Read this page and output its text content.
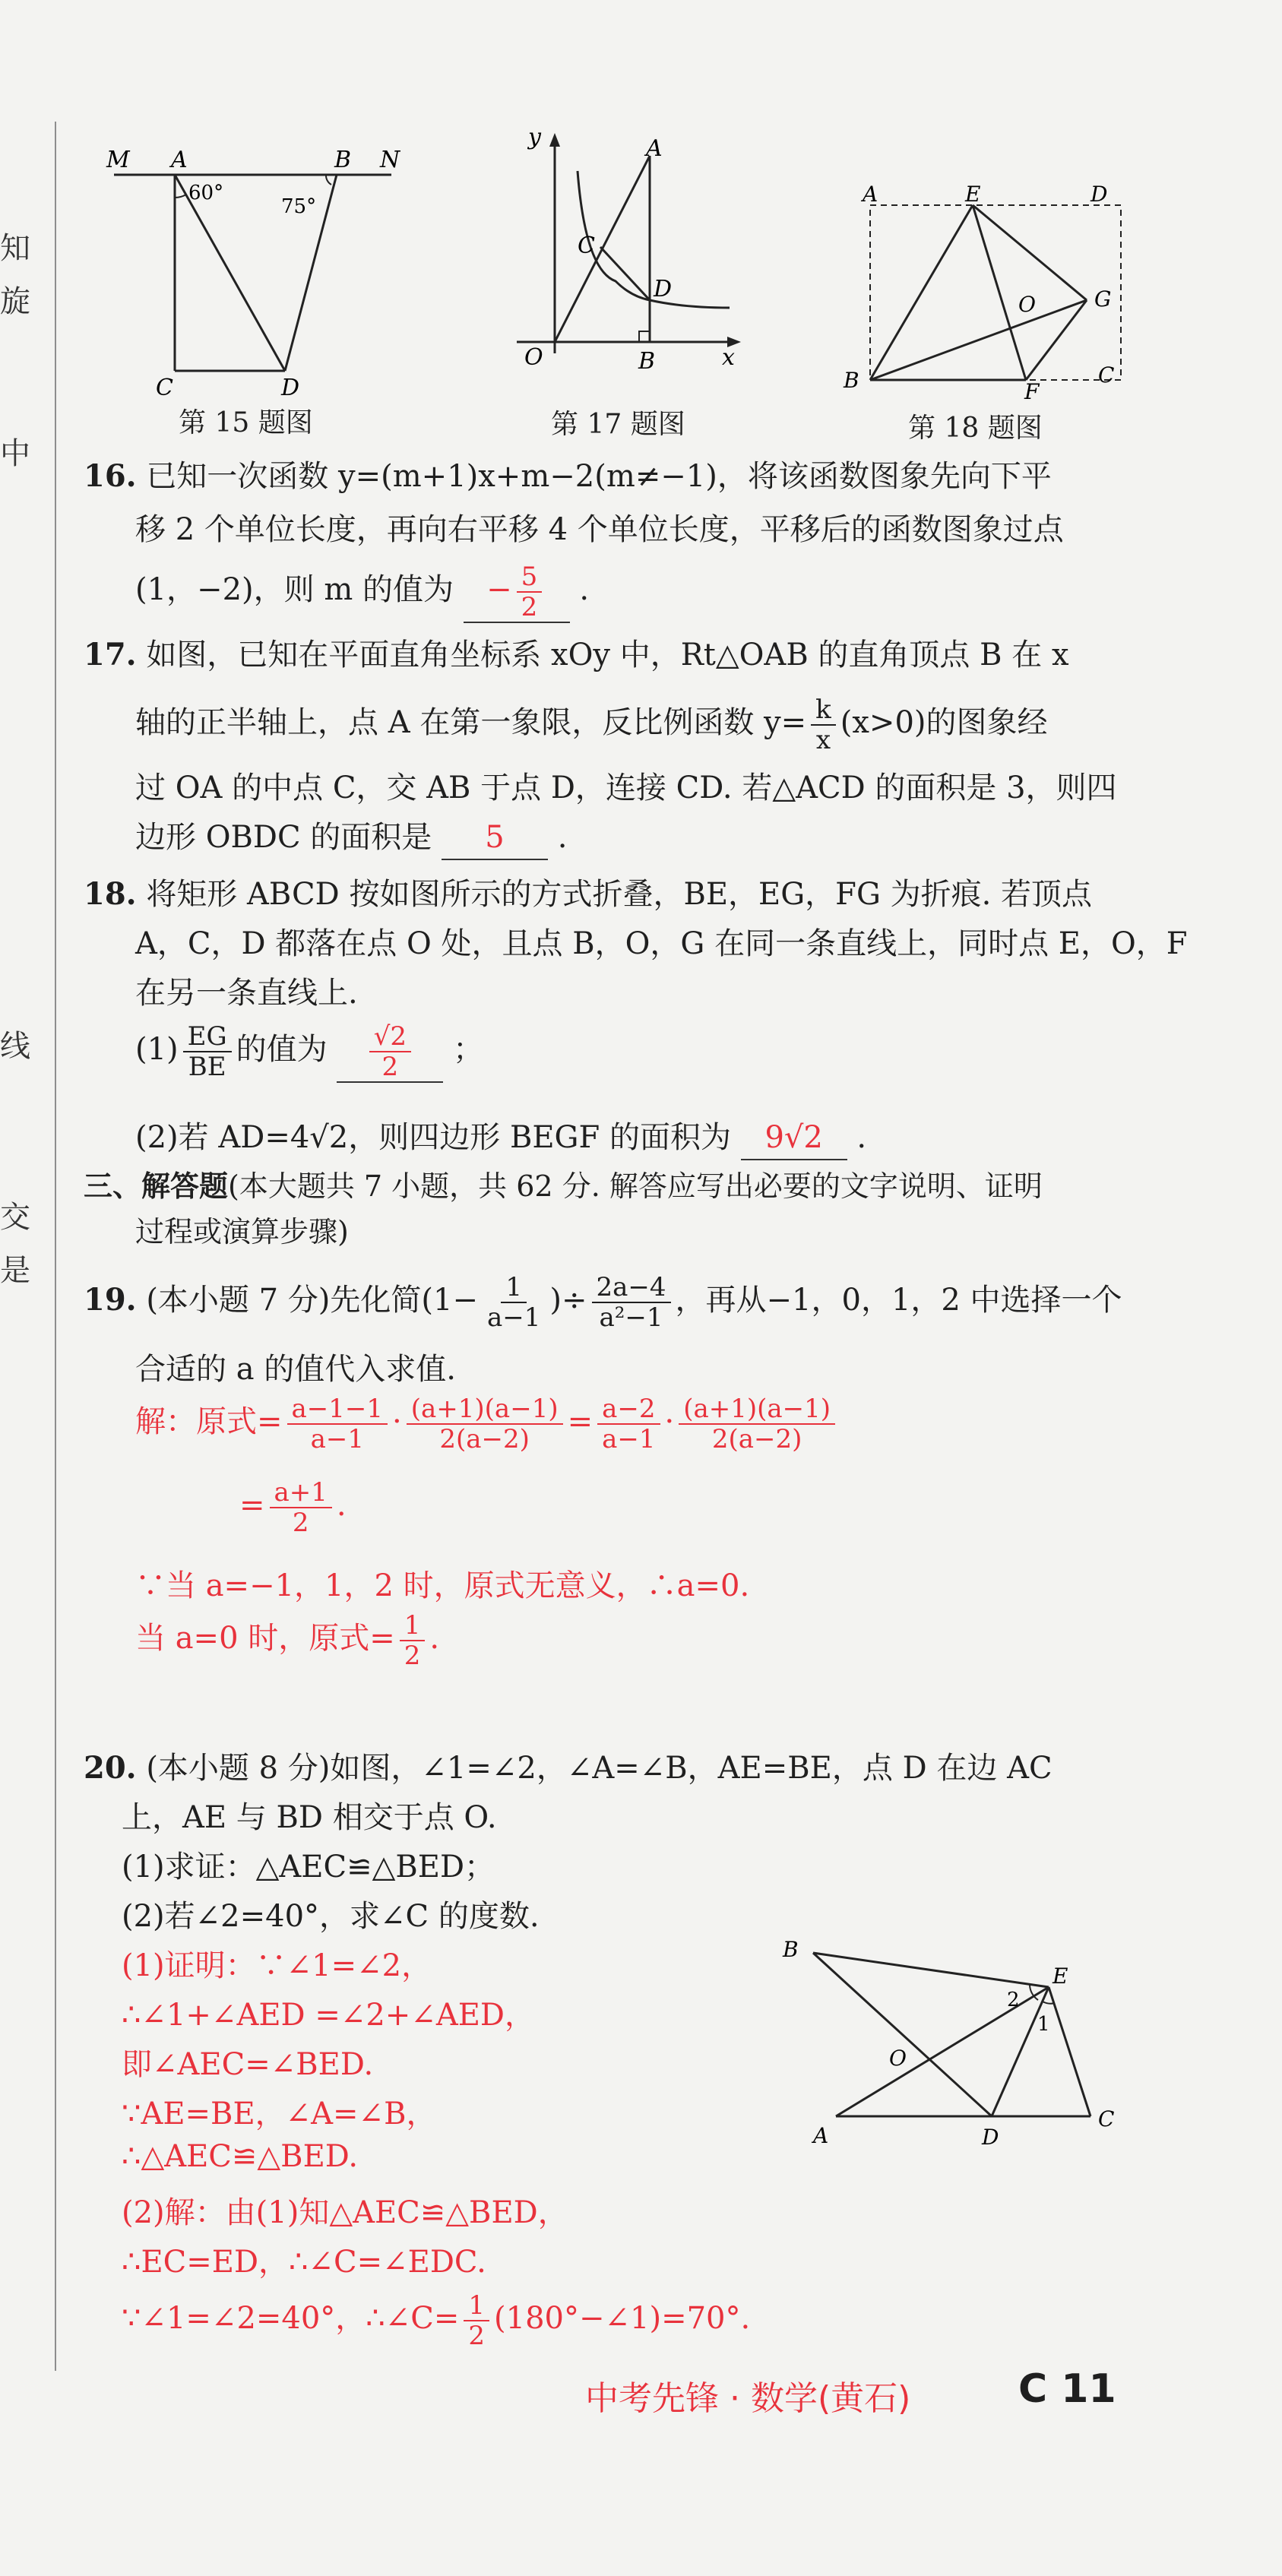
知
旋
中
线
交
是
M A	B N
C	D
60°
75°
第 15 题图
y
x
O
A
B
C
D
第 17 题图
A	E	D
B	F
C
O	G
第 18 题图
16. 已知一次函数 y=(m+1)x+m−2(m≠−1)，将该函数图象先向下平
移 2 个单位长度，再向右平移 4 个单位长度，平移后的函数图象过点
(1，−2)，则 m 的值为 − $\frac{5}{2}$ .
17. 如图，已知在平面直角坐标系 xOy 中，Rt△OAB 的直角顶点 B 在 x
轴的正半轴上，点 A 在第一象限，反比例函数 $y= \frac{k}{x} (x>0)$的图象经
过 OA 的中点 C，交 AB 于点 D，连接 CD. 若△ACD 的面积是 3，则四
边形 OBDC 的面积是 5 .
18. 将矩形 ABCD 按如图所示的方式折叠，BE，EG，FG 为折痕. 若顶点
A，C，D 都落在点 O 处，且点 B，O，G 在同一条直线上，同时点 E，O，F
在另一条直线上.
$(1) \frac{EG}{BE}$ 的值为 $\frac{√2}{2}$ ；
(2)若 AD=4√2，则四边形 BEGF 的面积为 9√2 .
三、解答题(本大题共 7 小题，共 62 分. 解答应写出必要的文字说明、证明
过程或演算步骤)
19. (本小题 7 分)先化简($1- \frac{1}{a-1}$ )÷ $\frac{2a-4}{\text{a²−1}}$ ，再从−1，0，1，2 中选择一个
合适的 a 的值代入求值.
解：原式= $\frac{a-1-1}{a-1} \cdot \frac{(a+1)(a-1)}{2(a-2)} = \frac{a-2}{a-1} \cdot \frac{(a+1)(a-1)}{2(a-2)}$
= $\frac{a+1}{2}$ .
∵当 a=−1，1，2 时，原式无意义，∴a=0.
当 a=0 时，原式= $\frac{1}{2}$ .
20. (本小题 8 分)如图，∠1=∠2，∠A=∠B，AE=BE，点 D 在边 AC
上，AE 与 BD 相交于点 O.
(1)求证：△AEC≌△BED；
(2)若∠2=40°，求∠C 的度数.
(1)证明：∵∠1=∠2，
∴∠1+∠AED =∠2+∠AED，
即∠AEC=∠BED.
∵AE=BE，∠A=∠B，
∴△AEC≌△BED.
(2)解：由(1)知△AEC≌△BED，
∴EC=ED，∴∠C=∠EDC.
∵∠1=∠2=40°，∴∠C= $\frac{1}{2}$ (180°−∠1)=70°.
B
E
A	D
C
O
1
2
中考先锋 · 数学(黄石)	C 11
